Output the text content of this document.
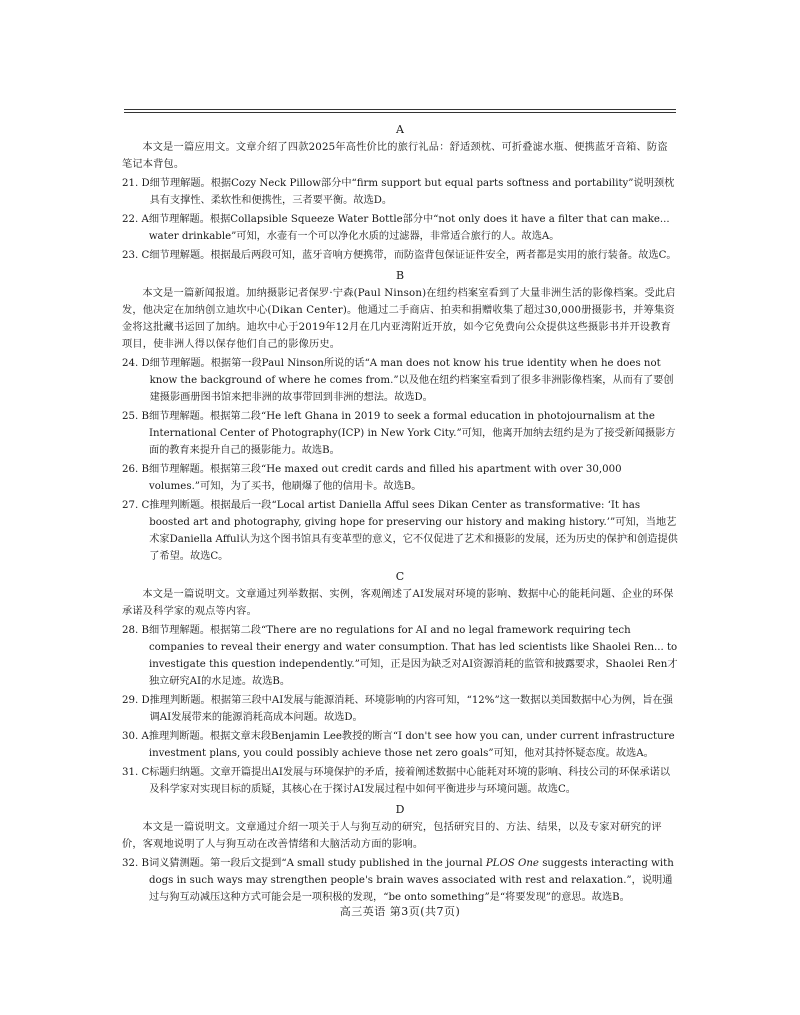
A

本文是一篇应用文。文章介绍了四款2025年高性价比的旅行礼品：舒适颈枕、可折叠滤水瓶、便携蓝牙音箱、防盗笔记本背包。

21. D 细节理解题。根据Cozy Neck Pillow部分中“firm support but equal parts softness and portability”说明颈枕具有支撑性、柔软性和便携性，三者要平衡。故选D。
22. A 细节理解题。根据Collapsible Squeeze Water Bottle部分中“not only does it have a filter that can make... water drinkable”可知，水壶有一个可以净化水质的过滤器，非常适合旅行的人。故选A。
23. C 细节理解题。根据最后两段可知，蓝牙音响方便携带，而防盗背包保证证件安全，两者都是实用的旅行装备。故选C。
B

本文是一篇新闻报道。加纳摄影记者保罗·宁森(Paul Ninson)在纽约档案室看到了大量非洲生活的影像档案。受此启发，他决定在加纳创立迪坎中心(Dikan Center)。他通过二手商店、拍卖和捐赠收集了超过30,000册摄影书，并筹集资金将这批藏书运回了加纳。迪坎中心于2019年12月在几内亚湾附近开放，如今它免费向公众提供这些摄影书并开设教育项目，使非洲人得以保存他们自己的影像历史。

24. D 细节理解题。根据第一段Paul Ninson所说的话“A man does not know his true identity when he does not know the background of where he comes from.”以及他在纽约档案室看到了很多非洲影像档案，从而有了要创建摄影画册图书馆来把非洲的故事带回到非洲的想法。故选D。
25. B 细节理解题。根据第二段“He left Ghana in 2019 to seek a formal education in photojournalism at the International Center of Photography(ICP) in New York City.”可知，他离开加纳去纽约是为了接受新闻摄影方面的教育来提升自己的摄影能力。故选B。
26. B 细节理解题。根据第三段“He maxed out credit cards and filled his apartment with over 30,000 volumes.”可知，为了买书，他刷爆了他的信用卡。故选B。
27. C 推理判断题。根据最后一段“Local artist Daniella Afful sees Dikan Center as transformative: ‘It has boosted art and photography, giving hope for preserving our history and making history.’”可知，当地艺术家Daniella Afful认为这个图书馆具有变革型的意义，它不仅促进了艺术和摄影的发展，还为历史的保护和创造提供了希望。故选C。
C

本文是一篇说明文。文章通过列举数据、实例，客观阐述了AI发展对环境的影响、数据中心的能耗问题、企业的环保承诺及科学家的观点等内容。

28. B 细节理解题。根据第二段“There are no regulations for AI and no legal framework requiring tech companies to reveal their energy and water consumption. That has led scientists like Shaolei Ren... to investigate this question independently.”可知，正是因为缺乏对AI资源消耗的监管和披露要求，Shaolei Ren才独立研究AI的水足迹。故选B。
29. D 推理判断题。根据第三段中AI发展与能源消耗、环境影响的内容可知，“12%”这一数据以美国数据中心为例，旨在强调AI发展带来的能源消耗高成本问题。故选D。
30. A 推理判断题。根据文章末段Benjamin Lee教授的断言“I don't see how you can, under current infrastructure investment plans, you could possibly achieve those net zero goals”可知，他对其持怀疑态度。故选A。
31. C 标题归纳题。文章开篇提出AI发展与环境保护的矛盾，接着阐述数据中心能耗对环境的影响、科技公司的环保承诺以及科学家对实现目标的质疑，其核心在于探讨AI发展过程中如何平衡进步与环境问题。故选C。
D

本文是一篇说明文。文章通过介绍一项关于人与狗互动的研究，包括研究目的、方法、结果，以及专家对研究的评价，客观地说明了人与狗互动在改善情绪和大脑活动方面的影响。

32. B 词义猜测题。第一段后文提到“A small study published in the journal PLOS One suggests interacting with dogs in such ways may strengthen people's brain waves associated with rest and relaxation.”，说明通过与狗互动减压这种方式可能会是一项积极的发现，“be onto something”是“将要发现”的意思。故选B。
高三英语 第3页(共7页)
